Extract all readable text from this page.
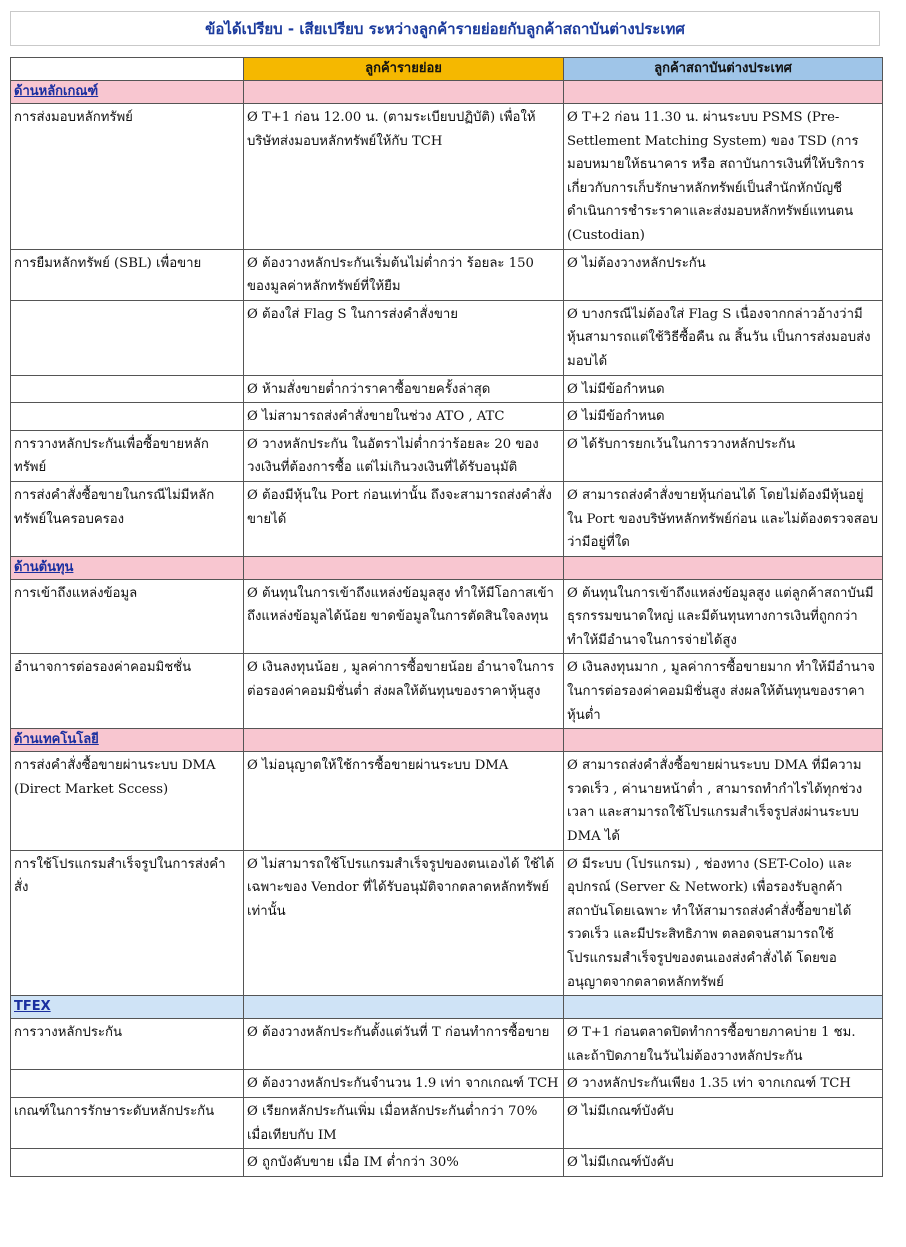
ข้อได้เปรียบ - เสียเปรียบ ระหว่างลูกค้ารายย่อยกับลูกค้าสถาบันต่างประเทศ
	ลูกค้ารายย่อย	ลูกค้าสถาบันต่างประเทศ
ด้านหลักเกณฑ์		
การส่งมอบหลักทรัพย์	Ø T+1 ก่อน 12.00 น. (ตามระเบียบปฏิบัติ) เพื่อให้บริษัทส่งมอบหลักทรัพย์ให้กับ TCH	Ø T+2 ก่อน 11.30 น. ผ่านระบบ PSMS (Pre-Settlement Matching System) ของ TSD (การมอบหมายให้ธนาคาร หรือ สถาบันการเงินที่ให้บริการเกี่ยวกับการเก็บรักษาหลักทรัพย์เป็นสำนักหักบัญชี ดำเนินการชำระราคาและส่งมอบหลักทรัพย์แทนตน (Custodian)
การยืมหลักทรัพย์ (SBL) เพื่อขาย	Ø ต้องวางหลักประกันเริ่มต้นไม่ต่ำกว่า ร้อยละ 150 ของมูลค่าหลักทรัพย์ที่ให้ยืม	Ø ไม่ต้องวางหลักประกัน
	Ø ต้องใส่ Flag S ในการส่งคำสั่งขาย	Ø บางกรณีไม่ต้องใส่ Flag S เนื่องจากกล่าวอ้างว่ามีหุ้นสามารถแต่ใช้วิธีซื้อคืน ณ สิ้นวัน เป็นการส่งมอบส่งมอบได้
	Ø ห้ามสั่งขายต่ำกว่าราคาซื้อขายครั้งล่าสุด	Ø ไม่มีข้อกำหนด
	Ø ไม่สามารถส่งคำสั่งขายในช่วง ATO , ATC	Ø ไม่มีข้อกำหนด
การวางหลักประกันเพื่อซื้อขายหลักทรัพย์	Ø วางหลักประกัน ในอัตราไม่ต่ำกว่าร้อยละ 20 ของวงเงินที่ต้องการซื้อ แต่ไม่เกินวงเงินที่ได้รับอนุมัติ	Ø ได้รับการยกเว้นในการวางหลักประกัน
การส่งคำสั่งซื้อขายในกรณีไม่มีหลักทรัพย์ในครอบครอง	Ø ต้องมีหุ้นใน Port ก่อนเท่านั้น ถึงจะสามารถส่งคำสั่งขายได้	Ø สามารถส่งคำสั่งขายหุ้นก่อนได้ โดยไม่ต้องมีหุ้นอยู่ใน Port ของบริษัทหลักทรัพย์ก่อน และไม่ต้องตรวจสอบว่ามีอยู่ที่ใด
ด้านต้นทุน		
การเข้าถึงแหล่งข้อมูล	Ø ต้นทุนในการเข้าถึงแหล่งข้อมูลสูง ทำให้มีโอกาสเข้าถึงแหล่งข้อมูลได้น้อย ขาดข้อมูลในการตัดสินใจลงทุน	Ø ต้นทุนในการเข้าถึงแหล่งข้อมูลสูง แต่ลูกค้าสถาบันมีธุรกรรมขนาดใหญ่ และมีต้นทุนทางการเงินที่ถูกกว่า ทำให้มีอำนาจในการจ่ายได้สูง
อำนาจการต่อรองค่าคอมมิชชั่น	Ø เงินลงทุนน้อย , มูลค่าการซื้อขายน้อย อำนาจในการต่อรองค่าคอมมิชั่นต่ำ ส่งผลให้ต้นทุนของราคาหุ้นสูง	Ø เงินลงทุนมาก , มูลค่าการซื้อขายมาก ทำให้มีอำนาจในการต่อรองค่าคอมมิชั่นสูง ส่งผลให้ต้นทุนของราคาหุ้นต่ำ
ด้านเทคโนโลยี		
การส่งคำสั่งซื้อขายผ่านระบบ DMA (Direct Market Sccess)	Ø ไม่อนุญาตให้ใช้การซื้อขายผ่านระบบ DMA	Ø สามารถส่งคำสั่งซื้อขายผ่านระบบ DMA ที่มีความรวดเร็ว , ค่านายหน้าต่ำ , สามารถทำกำไรได้ทุกช่วงเวลา และสามารถใช้โปรแกรมสำเร็จรูปส่งผ่านระบบ DMA ได้
การใช้โปรแกรมสำเร็จรูปในการส่งคำสั่ง	Ø ไม่สามารถใช้โปรแกรมสำเร็จรูปของตนเองได้ ใช้ได้เฉพาะของ Vendor ที่ได้รับอนุมัติจากตลาดหลักทรัพย์เท่านั้น	Ø มีระบบ (โปรแกรม) , ช่องทาง (SET-Colo) และอุปกรณ์ (Server & Network) เพื่อรองรับลูกค้าสถาบันโดยเฉพาะ ทำให้สามารถส่งคำสั่งซื้อขายได้รวดเร็ว และมีประสิทธิภาพ ตลอดจนสามารถใช้โปรแกรมสำเร็จรูปของตนเองส่งคำสั่งได้ โดยขออนุญาตจากตลาดหลักทรัพย์
TFEX		
การวางหลักประกัน	Ø ต้องวางหลักประกันตั้งแต่วันที่ T ก่อนทำการซื้อขาย	Ø T+1 ก่อนตลาดปิดทำการซื้อขายภาคบ่าย 1 ชม. และถ้าปิดภายในวันไม่ต้องวางหลักประกัน
	Ø ต้องวางหลักประกันจำนวน 1.9 เท่า จากเกณฑ์ TCH	Ø วางหลักประกันเพียง 1.35 เท่า จากเกณฑ์ TCH
เกณฑ์ในการรักษาระดับหลักประกัน	Ø เรียกหลักประกันเพิ่ม เมื่อหลักประกันต่ำกว่า 70% เมื่อเทียบกับ IM	Ø ไม่มีเกณฑ์บังคับ
	Ø ถูกบังคับขาย เมื่อ IM ต่ำกว่า 30%	Ø ไม่มีเกณฑ์บังคับ
